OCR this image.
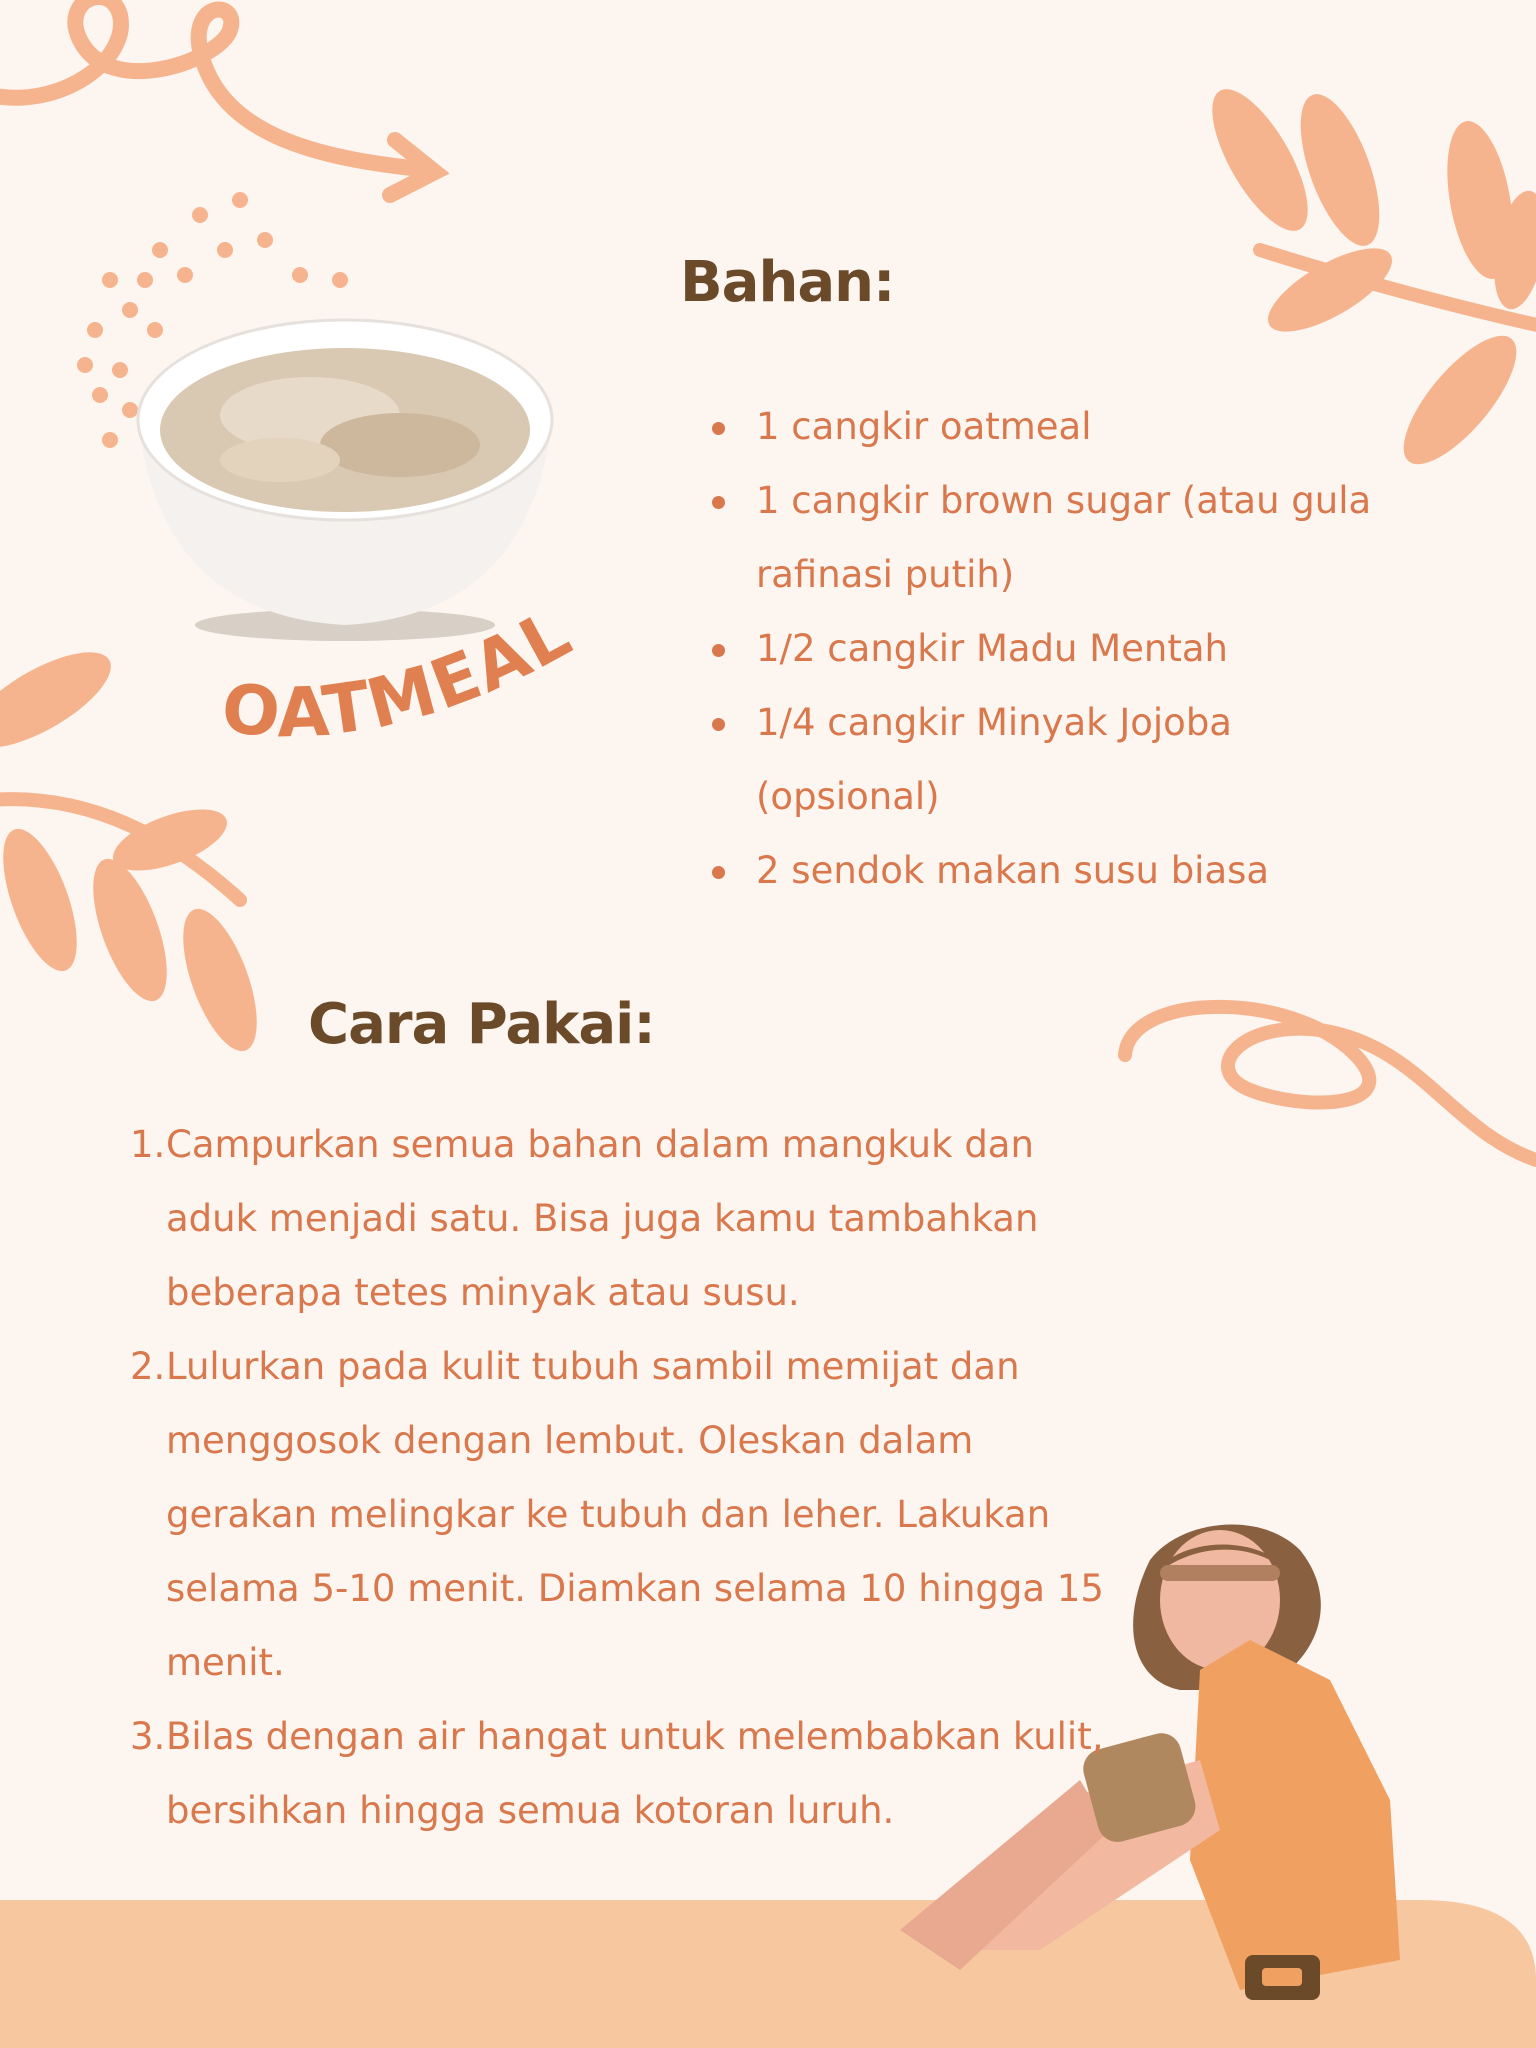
OATMEAL
Bahan:
1 cangkir oatmeal
1 cangkir brown sugar (atau gula rafinasi putih)
1/2 cangkir Madu Mentah
1/4 cangkir Minyak Jojoba (opsional)
2 sendok makan susu biasa
Cara Pakai:
1. Campurkan semua bahan dalam mangkuk dan aduk menjadi satu. Bisa juga kamu tambahkan beberapa tetes minyak atau susu.
2. Lulurkan pada kulit tubuh sambil memijat dan menggosok dengan lembut. Oleskan dalam gerakan melingkar ke tubuh dan leher. Lakukan selama 5-10 menit. Diamkan selama 10 hingga 15 menit.
3. Bilas dengan air hangat untuk melembabkan kulit, bersihkan hingga semua kotoran luruh.
